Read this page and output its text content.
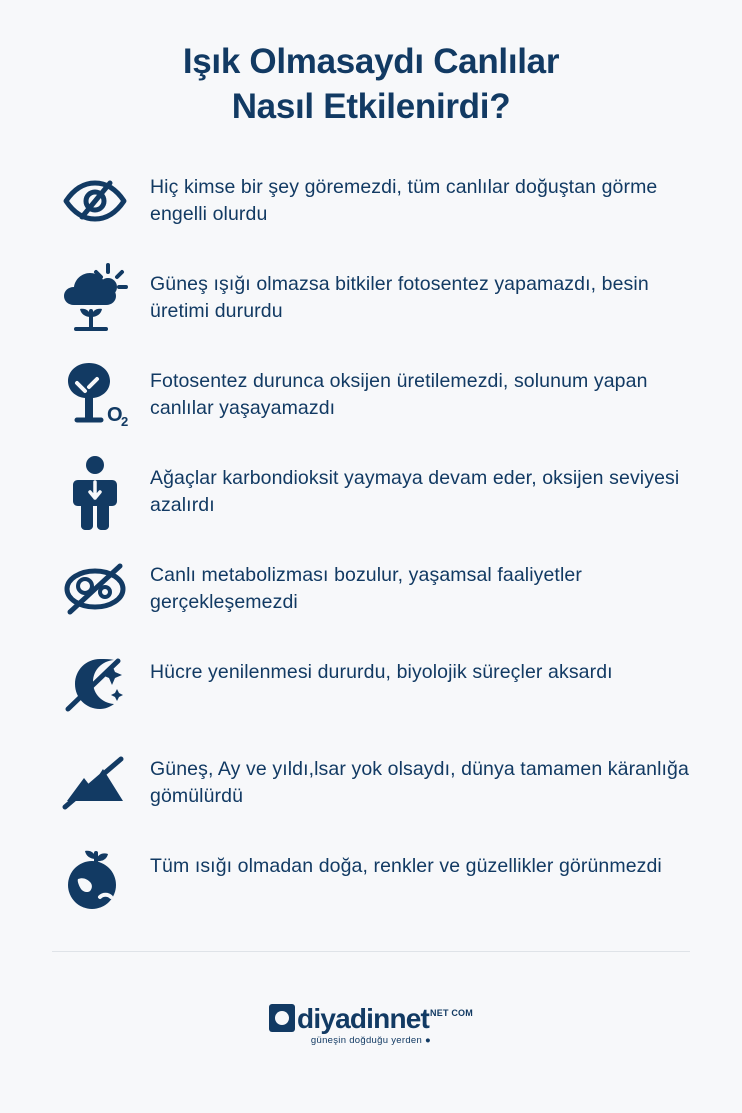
Işık Olmasaydı Canlılar
Nasıl Etkilenirdi?
Hiç kimse bir şey göremezdi, tüm canlılar doğuştan görme engelli olurdu
Güneş ışığı olmazsa bitkiler fotosentez yapamazdı, besin üretimi dururdu
O
2
Fotosentez durunca oksijen üretilemezdi, solunum yapan canlılar yaşayamazdı
Ağaçlar karbondioksit yaymaya devam eder, oksijen seviyesi azalırdı
Canlı metabolizması bozulur, yaşamsal faaliyetler gerçekleşemezdi
Hücre yenilenmesi dururdu, biyolojik süreçler aksardı
Güneş, Ay ve yıldı,lsar yok olsaydı, dünya tamamen käranlığa gömülürdü
Tüm ısığı olmadan doğa, renkler ve güzellikler görünmezdi
diyadinnet NET COM
güneşin doğduğu yerden ●
